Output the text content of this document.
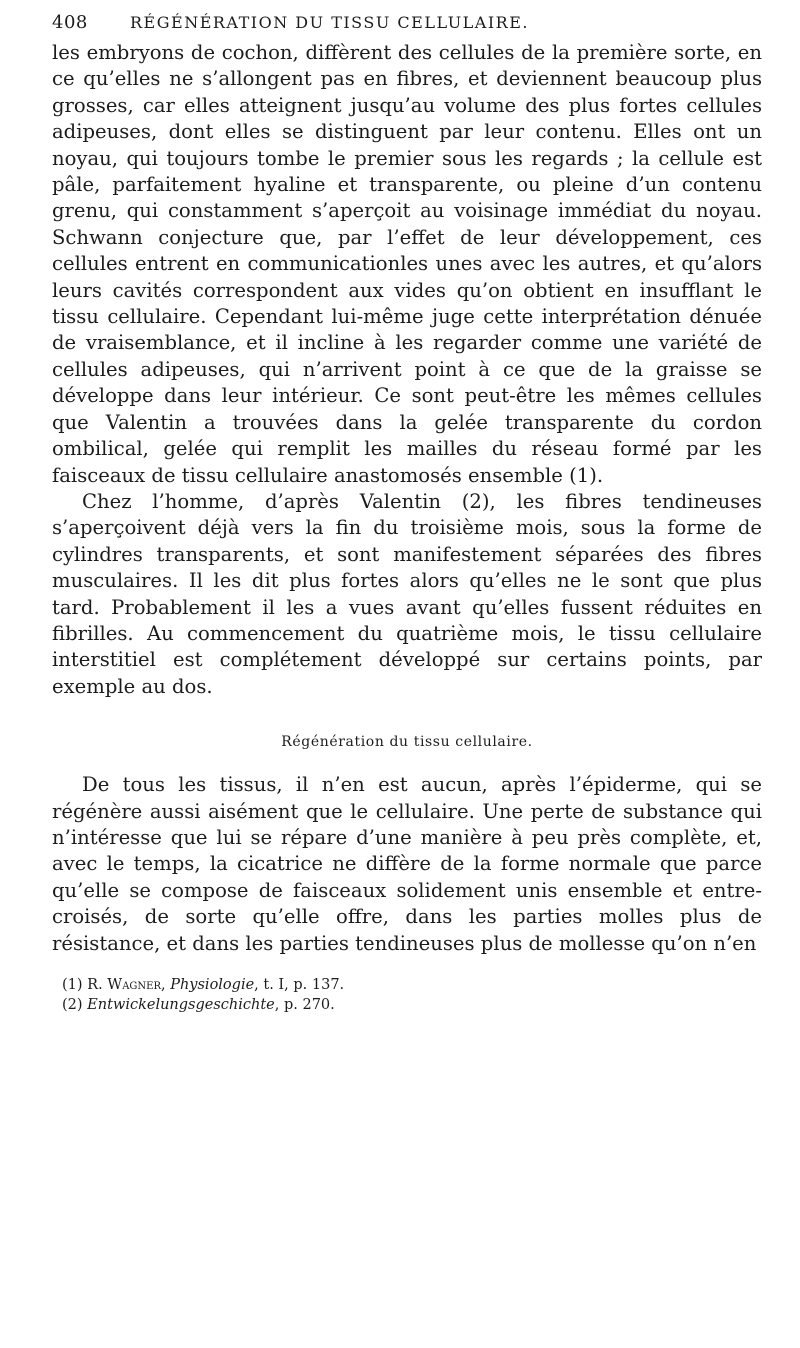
408	RÉGÉNÉRATION DU TISSU CELLULAIRE.

les embryons de cochon, diffèrent des cellules de la première sorte, en ce qu’elles ne s’allongent pas en fibres, et deviennent beaucoup plus grosses, car elles atteignent jusqu’au volume des plus fortes cellules adipeuses, dont elles se distinguent par leur contenu. Elles ont un noyau, qui toujours tombe le premier sous les regards ; la cellule est pâle, parfaitement hyaline et transparente, ou pleine d’un contenu grenu, qui constamment s’aperçoit au voisinage immédiat du noyau. Schwann conjecture que, par l’effet de leur développement, ces cellules entrent en communicationles unes avec les autres, et qu’alors leurs cavités correspondent aux vides qu’on obtient en insufflant le tissu cellulaire. Cependant lui-même juge cette interprétation dénuée de vraisemblance, et il incline à les regarder comme une variété de cellules adipeuses, qui n’arrivent point à ce que de la graisse se développe dans leur intérieur. Ce sont peut-être les mêmes cellules que Valentin a trouvées dans la gelée transparente du cordon ombilical, gelée qui remplit les mailles du réseau formé par les faisceaux de tissu cellulaire anastomosés ensemble (1).

Chez l’homme, d’après Valentin (2), les fibres tendineuses s’aperçoivent déjà vers la fin du troisième mois, sous la forme de cylindres transparents, et sont manifestement séparées des fibres musculaires. Il les dit plus fortes alors qu’elles ne le sont que plus tard. Probablement il les a vues avant qu’elles fussent réduites en fibrilles. Au commencement du quatrième mois, le tissu cellulaire interstitiel est complétement développé sur certains points, par exemple au dos.

Régénération du tissu cellulaire.

De tous les tissus, il n’en est aucun, après l’épiderme, qui se régénère aussi aisément que le cellulaire. Une perte de substance qui n’intéresse que lui se répare d’une manière à peu près complète, et, avec le temps, la cicatrice ne diffère de la forme normale que parce qu’elle se compose de faisceaux solidement unis ensemble et entre-croisés, de sorte qu’elle offre, dans les parties molles plus de résistance, et dans les parties tendineuses plus de mollesse qu’on n’en

(1) R. Wagner, Physiologie, t. I, p. 137.

(2) Entwickelungsgeschichte, p. 270.
